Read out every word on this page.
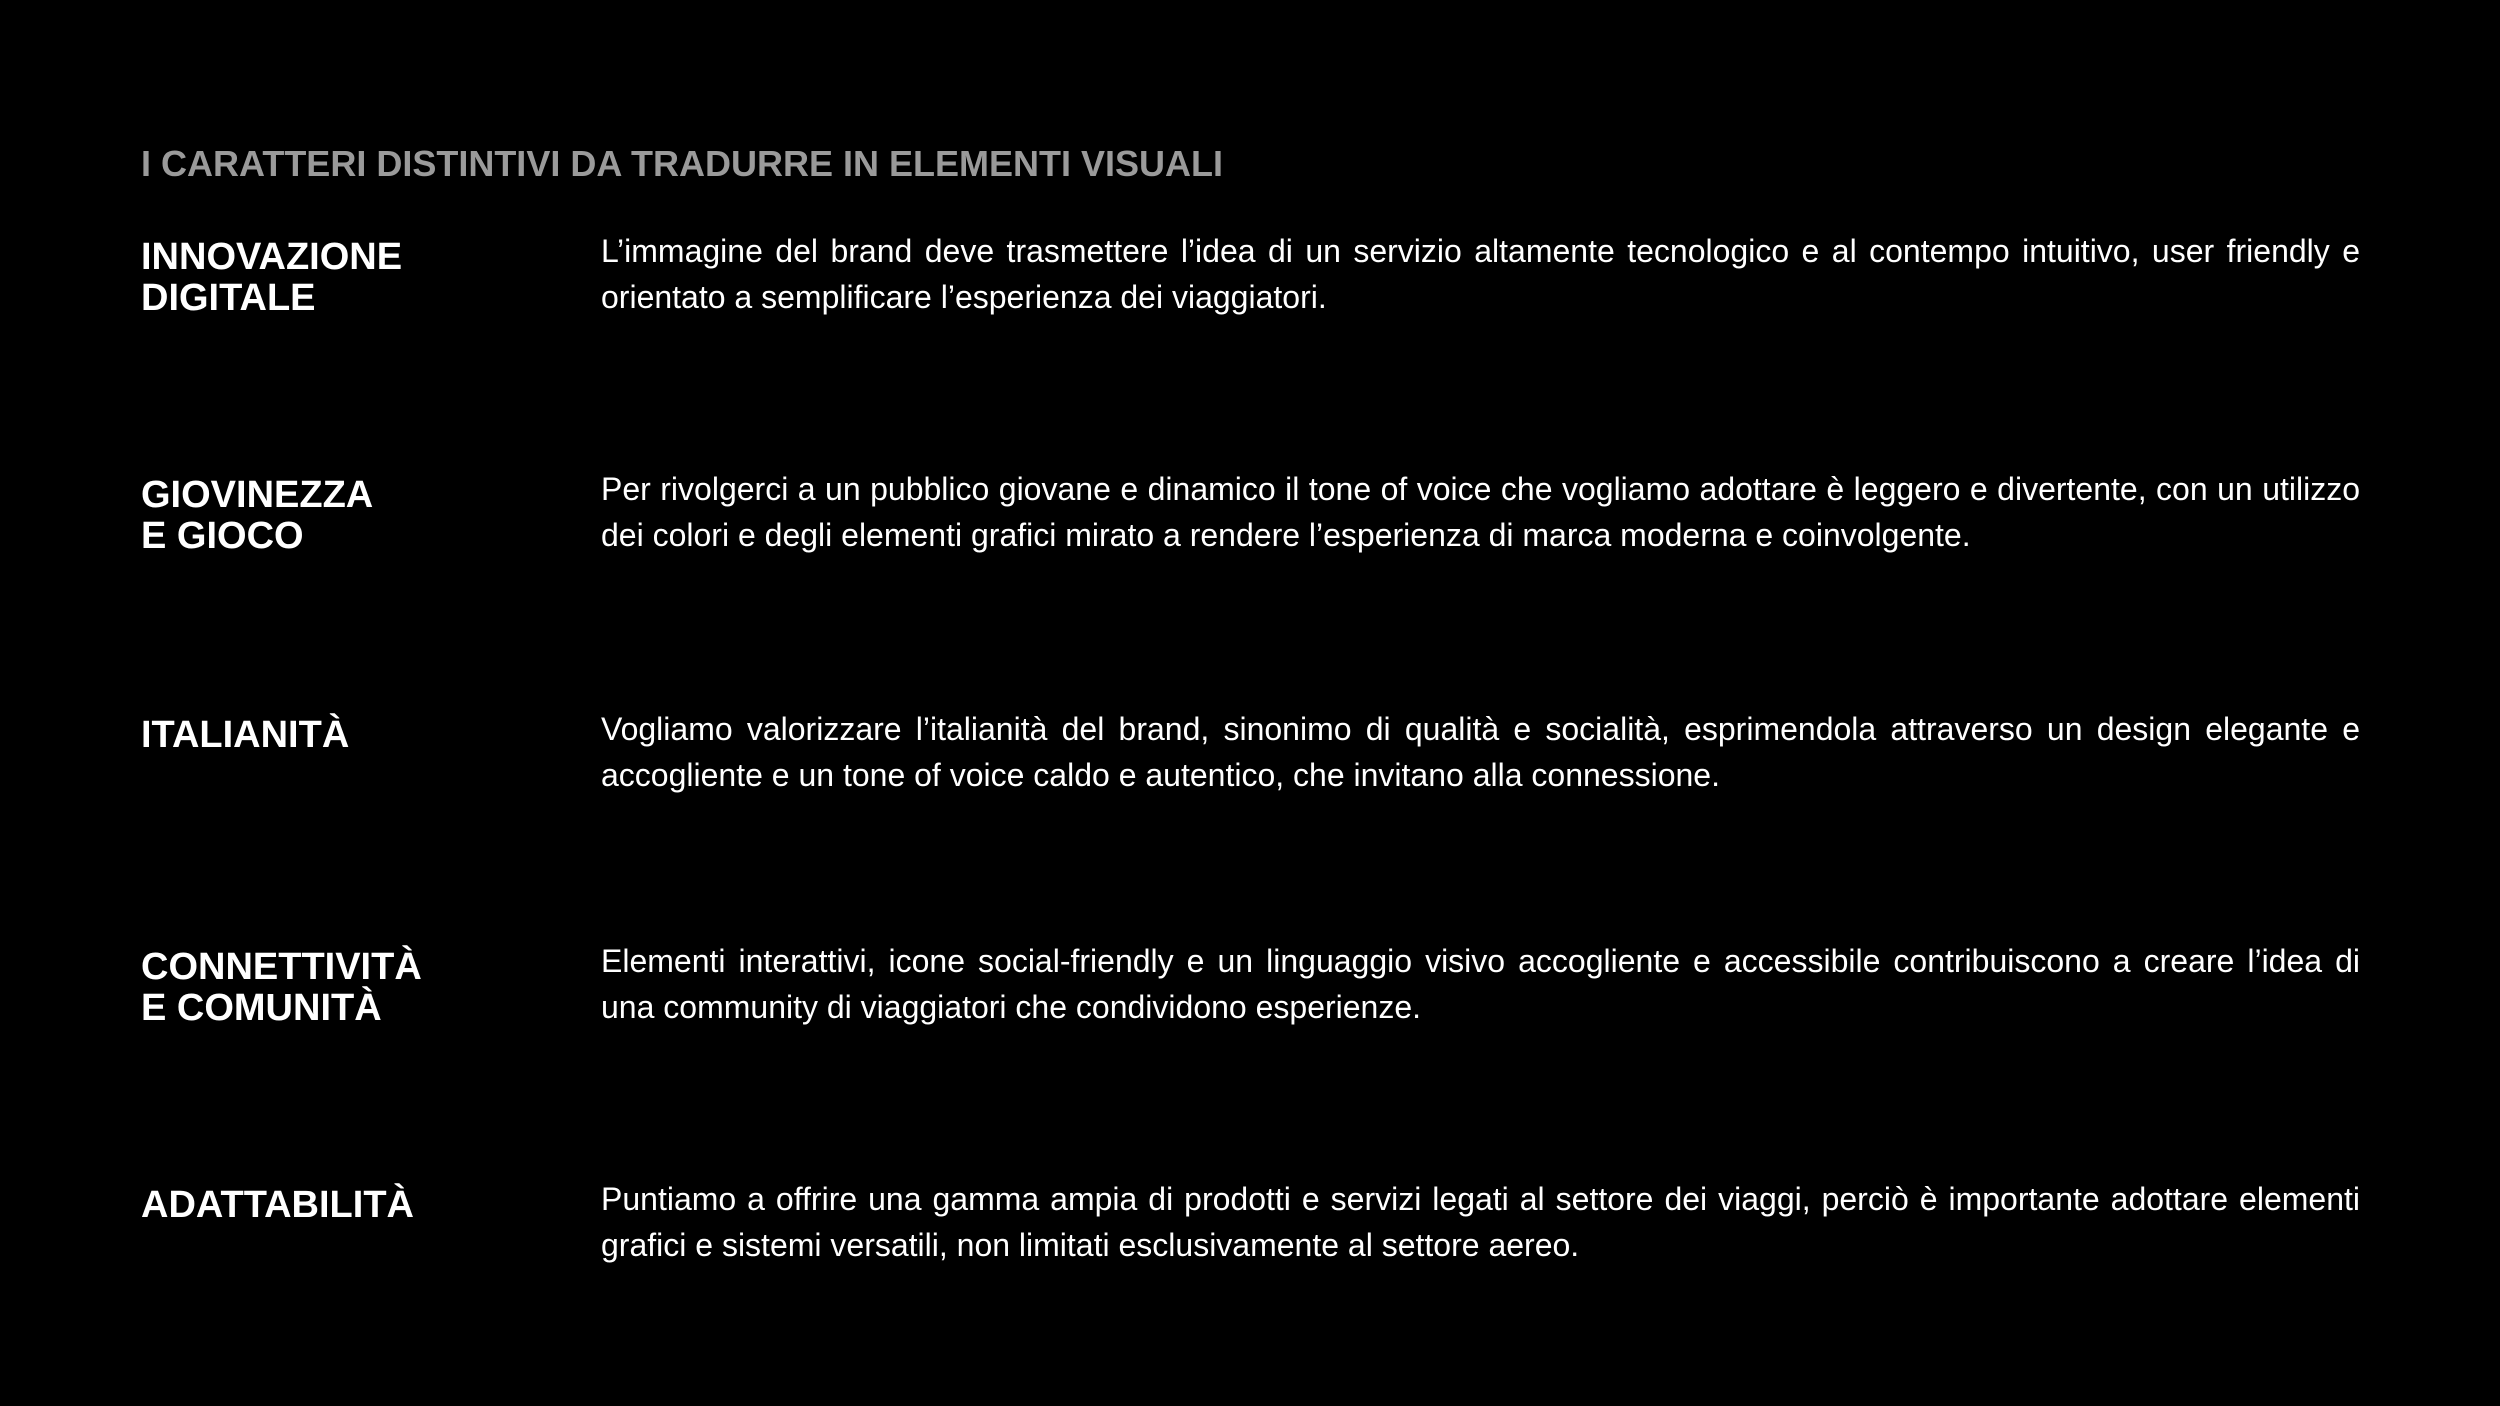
I CARATTERI DISTINTIVI DA TRADURRE IN ELEMENTI VISUALI
INNOVAZIONE
DIGITALE

L’immagine del brand deve trasmettere l’idea di un servizio altamente tecnologico e al contempo intuitivo, user friendly e orientato a semplificare l’esperienza dei viaggiatori.

GIOVINEZZA
E GIOCO

Per rivolgerci a un pubblico giovane e dinamico il tone of voice che vogliamo adottare è leggero e divertente, con un utilizzo dei colori e degli elementi grafici mirato a rendere l’esperienza di marca moderna e coinvolgente.

ITALIANITÀ	Vogliamo valorizzare l’italianità del brand, sinonimo di qualità e socialità, esprimendola attraverso un design elegante e accogliente e un tone of voice caldo e autentico, che invitano alla connessione.

CONNETTIVITÀ
E COMUNITÀ

Elementi interattivi, icone social-friendly e un linguaggio visivo accogliente e accessibile contribuiscono a creare l’idea di una community di viaggiatori che condividono esperienze.

ADATTABILITÀ	Puntiamo a offrire una gamma ampia di prodotti e servizi legati al settore dei viaggi, perciò è importante adottare elementi grafici e sistemi versatili, non limitati esclusivamente al settore aereo.
